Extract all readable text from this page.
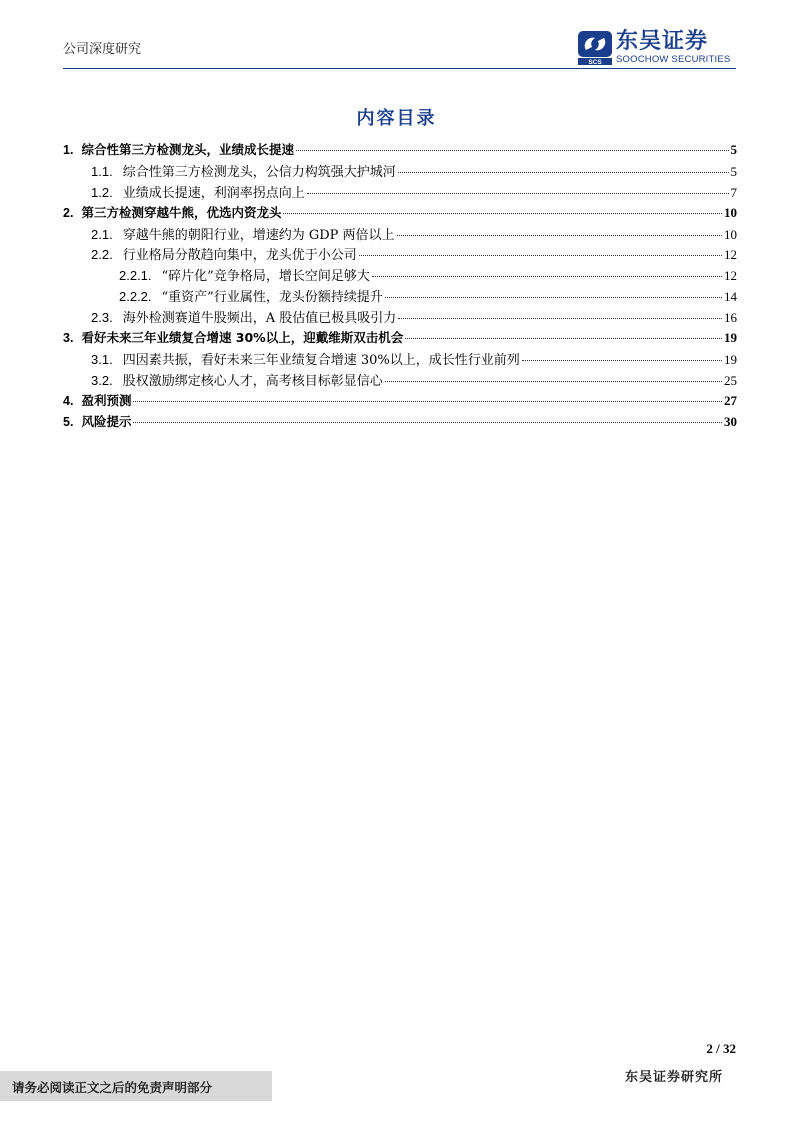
公司深度研究
SCS
东吴证券
SOOCHOW SECURITIES
内容目录
1. 综合性第三方检测龙头，业绩成长提速	5
1.1. 综合性第三方检测龙头，公信力构筑强大护城河	5
1.2. 业绩成长提速，利润率拐点向上	7
2. 第三方检测穿越牛熊，优选内资龙头	10
2.1. 穿越牛熊的朝阳行业，增速约为 GDP 两倍以上	10
2.2. 行业格局分散趋向集中，龙头优于小公司	12
2.2.1. “碎片化”竞争格局，增长空间足够大	12
2.2.2. “重资产”行业属性，龙头份额持续提升	14
2.3. 海外检测赛道牛股频出，A 股估值已极具吸引力	16
3. 看好未来三年业绩复合增速 30%以上，迎戴维斯双击机会	19
3.1. 四因素共振，看好未来三年业绩复合增速 30%以上，成长性行业前列	19
3.2. 股权激励绑定核心人才，高考核目标彰显信心	25
4. 盈利预测	27
5. 风险提示	30
2 / 32
请务必阅读正文之后的免责声明部分
东吴证券研究所
